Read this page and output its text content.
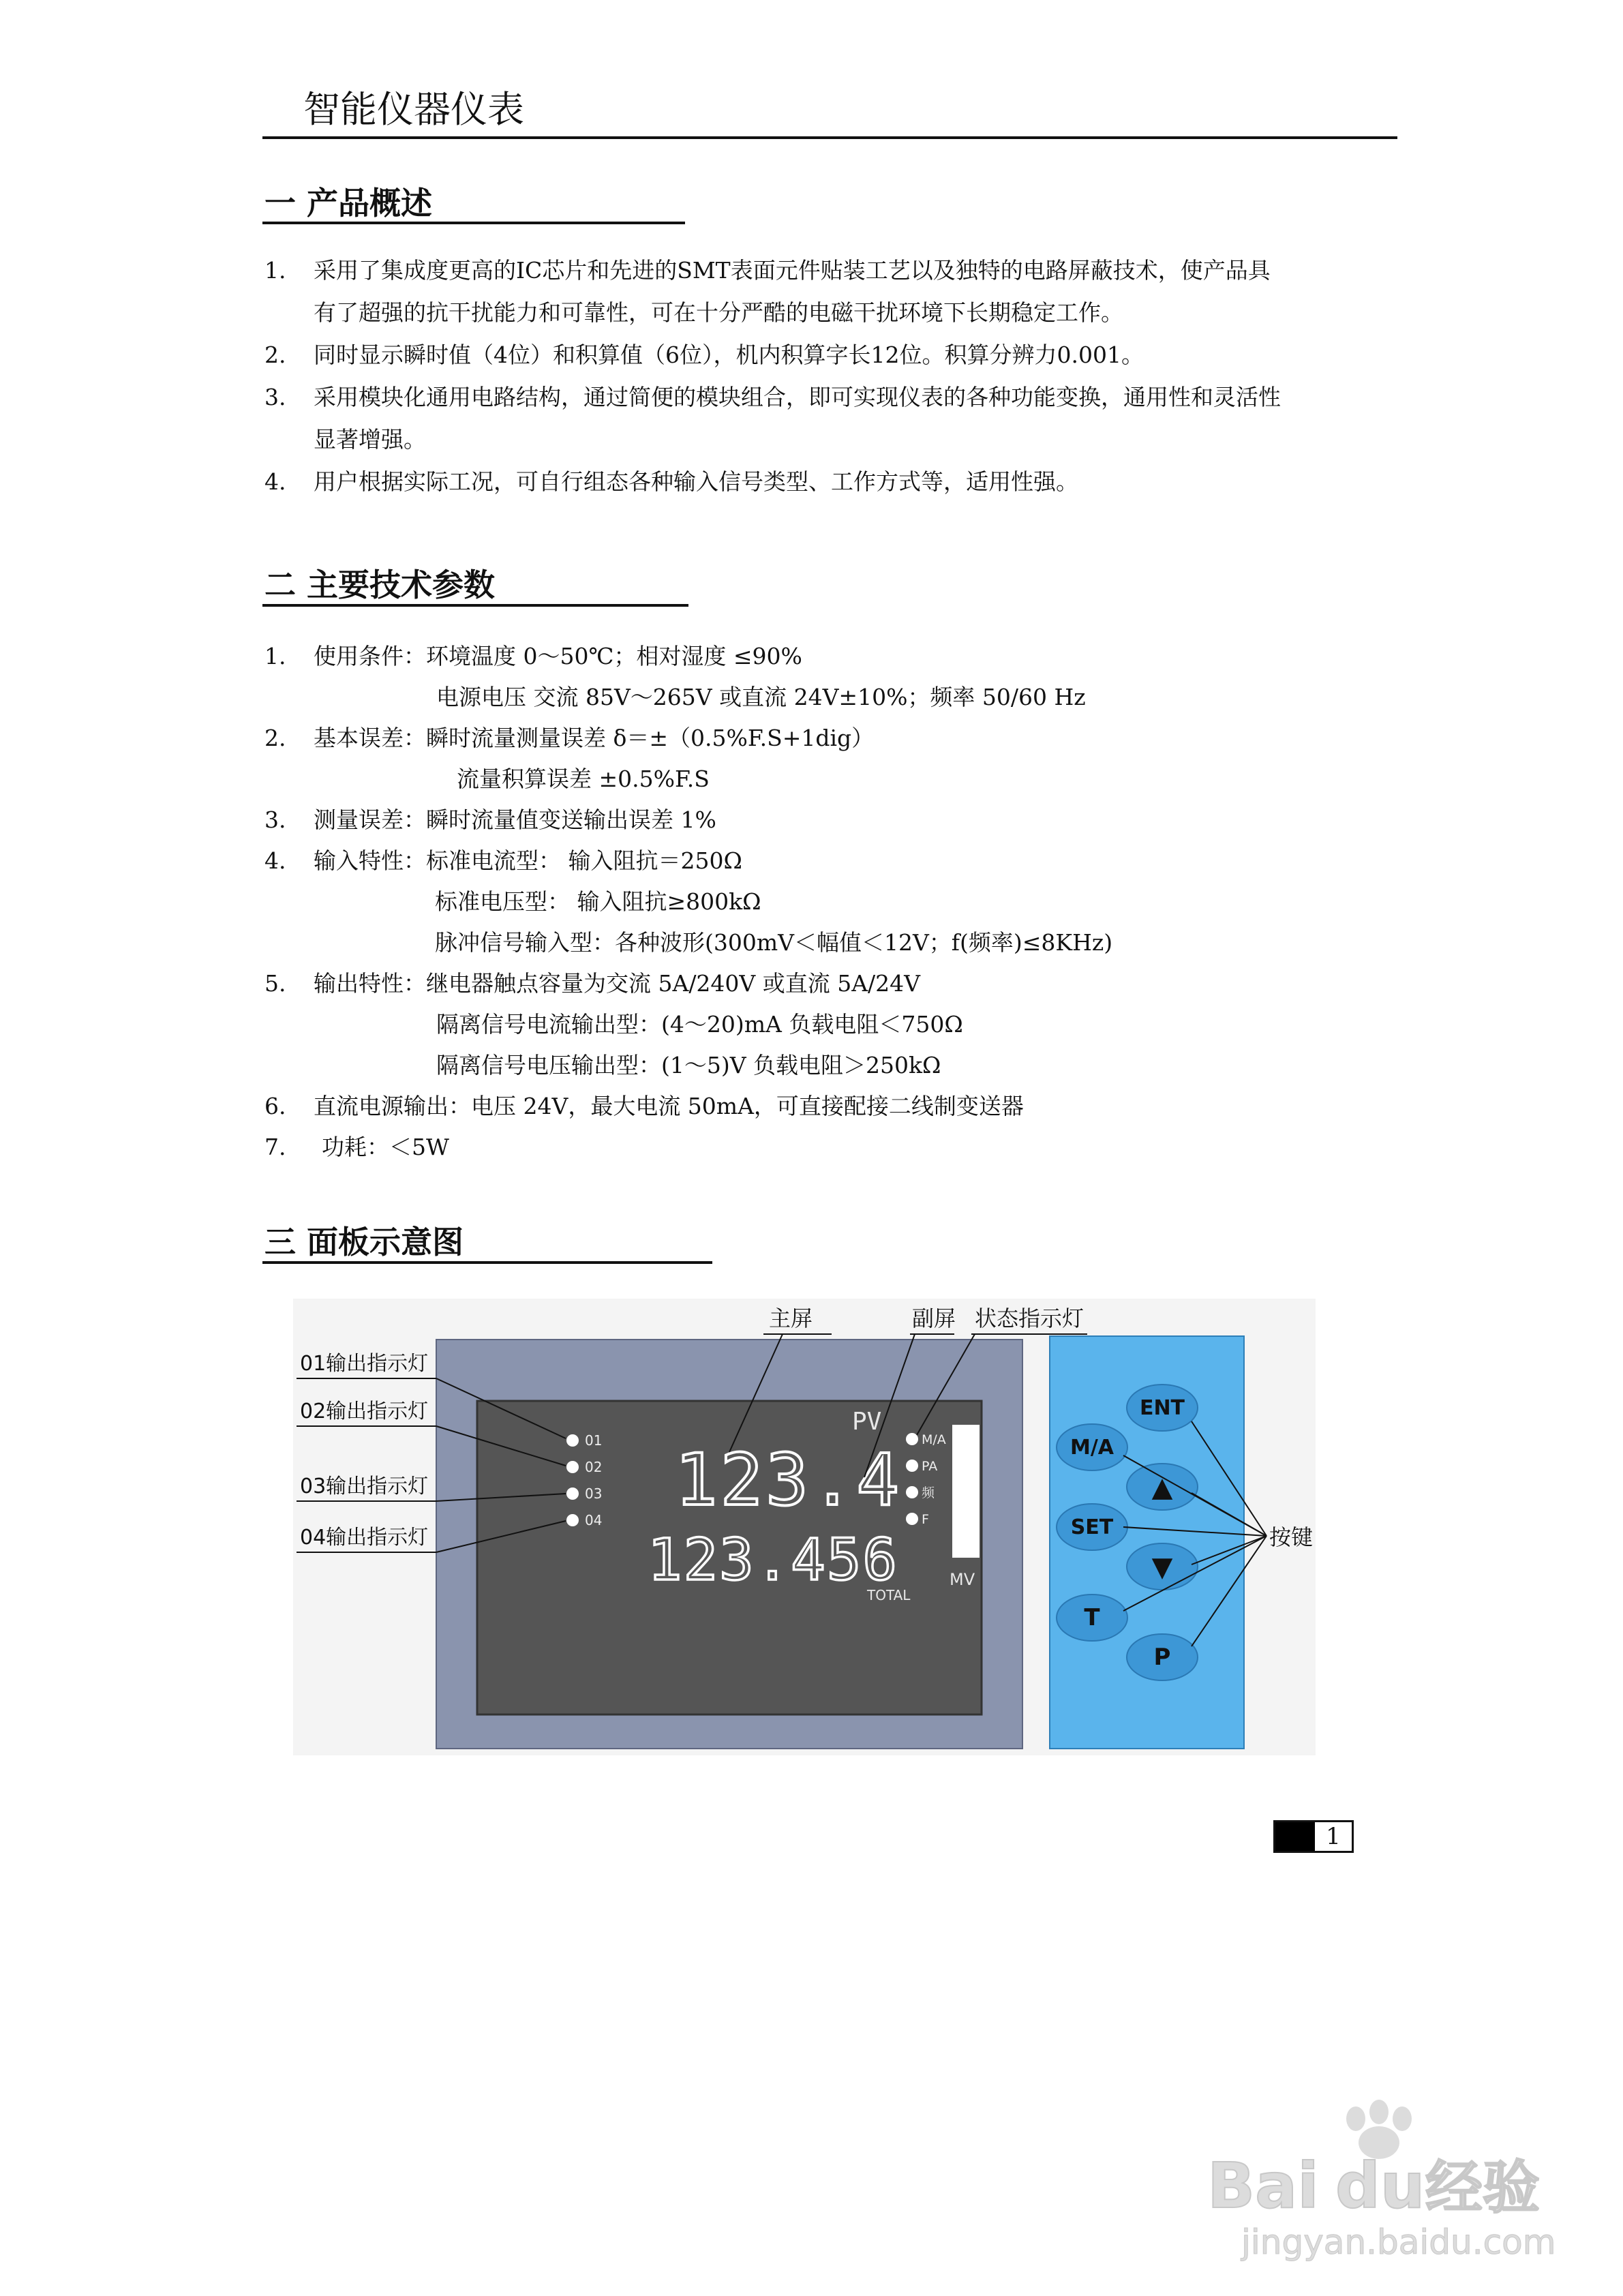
智能仪器仪表
一 产品概述
1. 采用了集成度更高的IC芯片和先进的SMT表面元件贴装工艺以及独特的电路屏蔽技术，使产品具
有了超强的抗干扰能力和可靠性，可在十分严酷的电磁干扰环境下长期稳定工作。
2. 同时显示瞬时值（4位）和积算值（6位），机内积算字长12位。积算分辨力0.001。
3. 采用模块化通用电路结构，通过简便的模块组合，即可实现仪表的各种功能变换，通用性和灵活性
显著增强。
4. 用户根据实际工况，可自行组态各种输入信号类型、工作方式等，适用性强。
二 主要技术参数
1. 使用条件：环境温度 0～50℃；相对湿度 ≤90%
电源电压 交流 85V～265V 或直流 24V±10%；频率 50/60 Hz
2. 基本误差：瞬时流量测量误差 δ＝±（0.5%F.S+1dig）
流量积算误差 ±0.5%F.S
3. 测量误差：瞬时流量值变送输出误差 1%
4. 输入特性：标准电流型： 输入阻抗＝250Ω
标准电压型： 输入阻抗≥800kΩ
脉冲信号输入型：各种波形(300mV＜幅值＜12V；f(频率)≤8KHz)
5. 输出特性：继电器触点容量为交流 5A/240V 或直流 5A/24V
隔离信号电流输出型：(4～20)mA 负载电阻＜750Ω
隔离信号电压输出型：(1～5)V 负载电阻＞250kΩ
6. 直流电源输出：电压 24V，最大电流 50mA，可直接配接二线制变送器
7. 功耗：＜5W
三 面板示意图
01
02
03
04
PV
123.4
123.456
TOTAL
M/A
PA
频
F
MV
ENT
M/A
▲
SET
▼
T
P
主屏	副屏 状态指示灯
01输出指示灯
02输出指示灯
03输出指示灯
04输出指示灯	按键
1
Bai du 经验
jingyan.baidu.com
